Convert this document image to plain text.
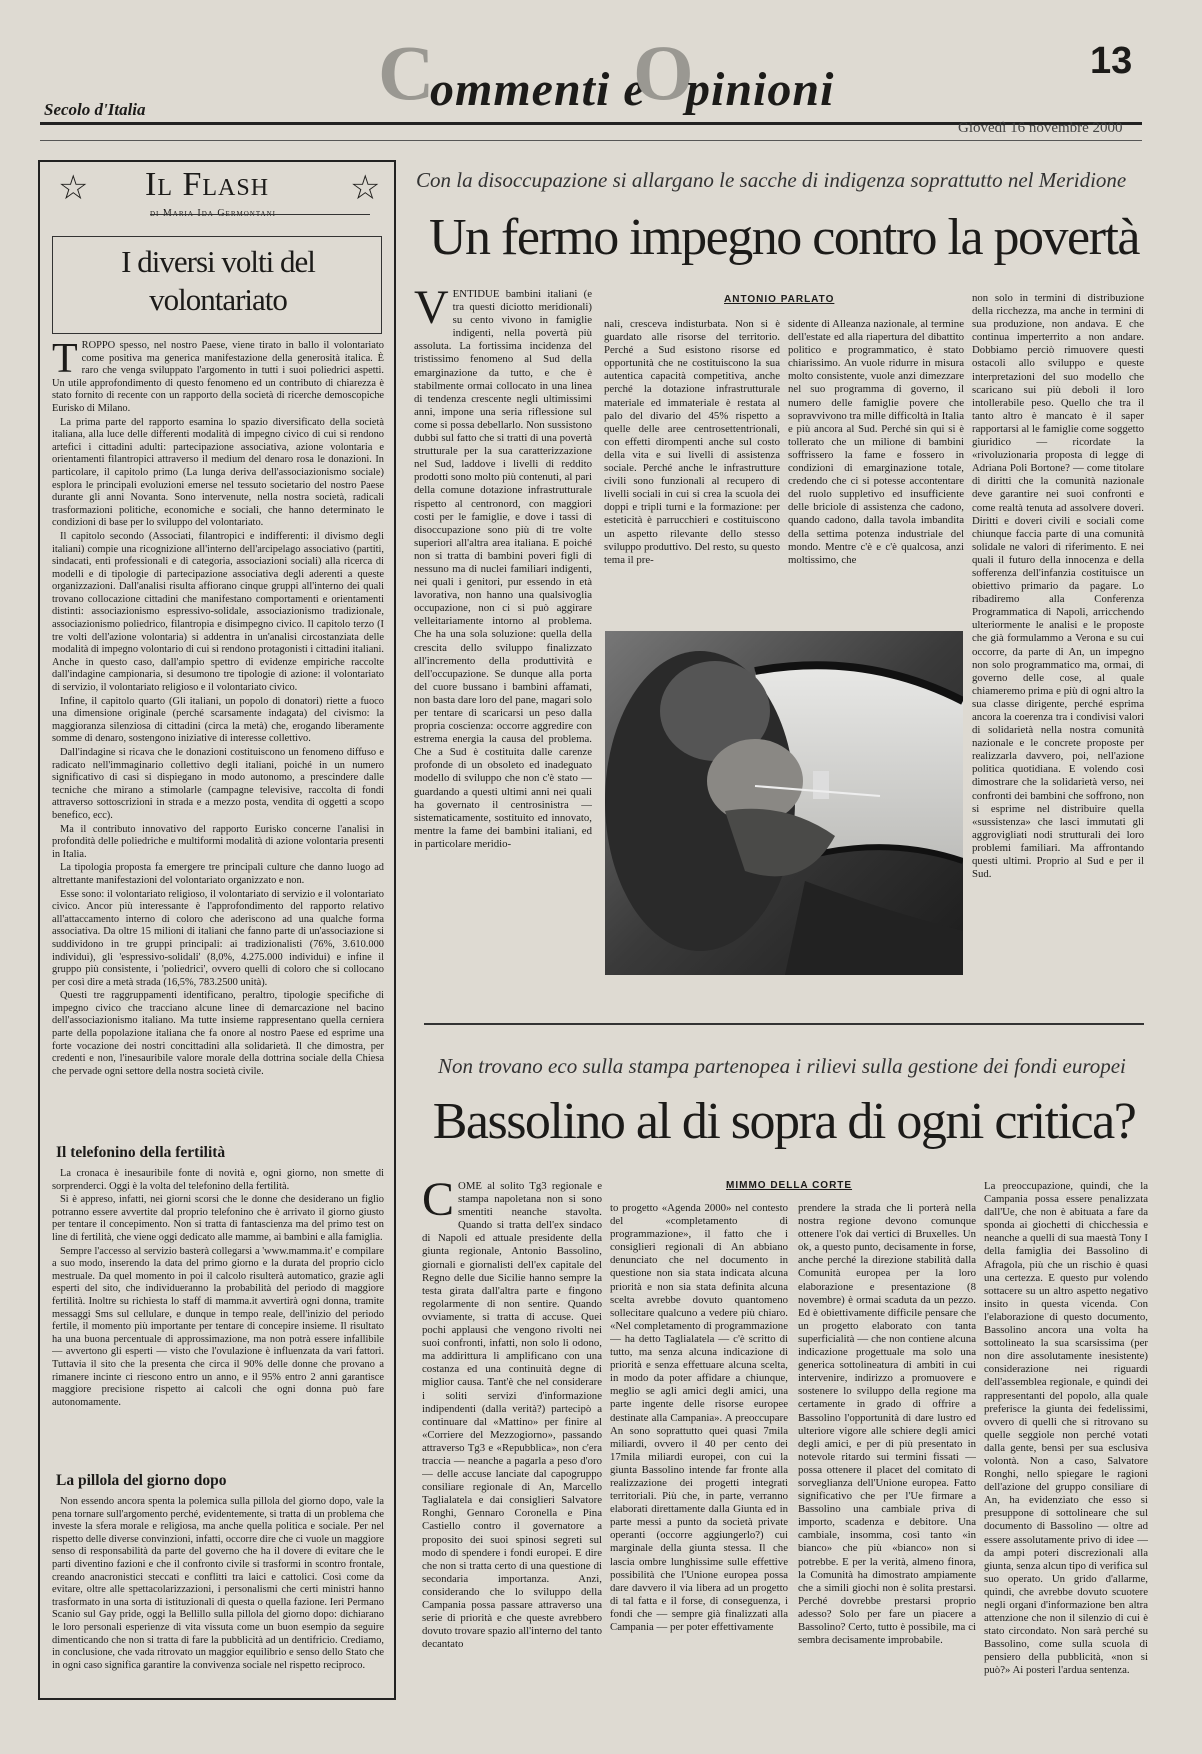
Secolo d'Italia	C
ommenti e
O
pinioni
13
Giovedì 16 novembre 2000
☆ Il Flash ☆
I diversi volti del volontariato

TROPPO spesso, nel nostro Paese, viene tirato in ballo il volontariato come positiva ma generica manifestazione della generosità italica. È raro che venga sviluppato l'argomento in tutti i suoi poliedrici aspetti. Un utile approfondimento di questo fenomeno ed un contributo di chiarezza è stato fornito di recente con un rapporto della società di ricerche demoscopiche Eurisko di Milano.

La prima parte del rapporto esamina lo spazio diversificato della società italiana, alla luce delle differenti modalità di impegno civico di cui si rendono artefici i cittadini adulti: partecipazione associativa, azione volontaria e orientamenti filantropici attraverso il medium del denaro rosa le donazioni. In particolare, il capitolo primo (La lunga deriva dell'associazionismo sociale) esplora le principali evoluzioni emerse nel tessuto societario del nostro Paese durante gli anni Novanta. Sono intervenute, nella nostra società, radicali trasformazioni politiche, economiche e sociali, che hanno determinato le condizioni di base per lo sviluppo del volontariato.

Il capitolo secondo (Associati, filantropici e indifferenti: il divismo degli italiani) compie una ricognizione all'interno dell'arcipelago associativo (partiti, sindacati, enti professionali e di categoria, associazioni sociali) alla ricerca di modelli e di tipologie di partecipazione associativa degli aderenti a queste organizzazioni. Dall'analisi risulta affiorano cinque gruppi all'interno dei quali trovano collocazione cittadini che manifestano comportamenti e orientamenti distinti: associazionismo espressivo-solidale, associazionismo tradizionale, associazionismo poliedrico, filantropia e disimpegno civico. Il capitolo terzo (I tre volti dell'azione volontaria) si addentra in un'analisi circostanziata delle modalità di impegno volontario di cui si rendono protagonisti i cittadini italiani. Anche in questo caso, dall'ampio spettro di evidenze empiriche raccolte dall'indagine campionaria, si desumono tre tipologie di azione: il volontariato di servizio, il volontariato religioso e il volontariato civico.

Infine, il capitolo quarto (Gli italiani, un popolo di donatori) riette a fuoco una dimensione originale (perché scarsamente indagata) del civismo: la maggioranza silenziosa di cittadini (circa la metà) che, erogando liberamente somme di denaro, sostengono iniziative di interesse collettivo.

Dall'indagine si ricava che le donazioni costituiscono un fenomeno diffuso e radicato nell'immaginario collettivo degli italiani, poiché in un numero significativo di casi si dispiegano in modo autonomo, a prescindere dalle tecniche che mirano a stimolarle (campagne televisive, raccolta di fondi attraverso sottoscrizioni in strada e a mezzo posta, vendita di oggetti a scopo benefico, ecc).

Ma il contributo innovativo del rapporto Eurisko concerne l'analisi in profondità delle poliedriche e multiformi modalità di azione volontaria presenti in Italia.

La tipologia proposta fa emergere tre principali culture che danno luogo ad altrettante manifestazioni del volontariato organizzato e non.

Esse sono: il volontariato religioso, il volontariato di servizio e il volontariato civico. Ancor più interessante è l'approfondimento del rapporto relativo all'attaccamento interno di coloro che aderiscono ad una qualche forma associativa. Da oltre 15 milioni di italiani che fanno parte di un'associazione si suddividono in tre gruppi principali: ai tradizionalisti (76%, 3.610.000 individui), gli 'espressivo-solidali' (8,0%, 4.275.000 individui) e infine il gruppo più consistente, i 'poliedrici', ovvero quelli di coloro che si collocano per così dire a metà strada (16,5%, 783.2500 unità).

Questi tre raggruppamenti identificano, peraltro, tipologie specifiche di impegno civico che tracciano alcune linee di demarcazione nel bacino dell'associazionismo italiano. Ma tutte insieme rappresentano quella cerniera parte della popolazione italiana che fa onore al nostro Paese ed esprime una forte vocazione dei nostri concittadini alla solidarietà. Il che dimostra, per credenti e non, l'inesauribile valore morale della dottrina sociale della Chiesa che pervade ogni settore della nostra società civile.

Il telefonino della fertilità

La cronaca è inesauribile fonte di novità e, ogni giorno, non smette di sorprenderci. Oggi è la volta del telefonino della fertilità.

Si è appreso, infatti, nei giorni scorsi che le donne che desiderano un figlio potranno essere avvertite dal proprio telefonino che è arrivato il giorno giusto per tentare il concepimento. Non si tratta di fantascienza ma del primo test on line di fertilità, che viene oggi dedicato alle mamme, ai bambini e alla famiglia.

Sempre l'accesso al servizio basterà collegarsi a 'www.mamma.it' e compilare a suo modo, inserendo la data del primo giorno e la durata del proprio ciclo mestruale. Da quel momento in poi il calcolo risulterà automatico, grazie agli esperti del sito, che individueranno la probabilità del periodo di maggiore fertilità. Inoltre su richiesta lo staff di mamma.it avvertirà ogni donna, tramite messaggi Sms sul cellulare, e dunque in tempo reale, dell'inizio del periodo fertile, il momento più importante per tentare di concepire insieme. Il risultato ha una buona percentuale di approssimazione, ma non potrà essere infallibile — avvertono gli esperti — visto che l'ovulazione è influenzata da vari fattori. Tuttavia il sito che la presenta che circa il 90% delle donne che provano a rimanere incinte ci riescono entro un anno, e il 95% entro 2 anni garantisce maggiore precisione rispetto ai calcoli che ogni donna può fare autonomamente.

La pillola del giorno dopo

Non essendo ancora spenta la polemica sulla pillola del giorno dopo, vale la pena tornare sull'argomento perché, evidentemente, si tratta di un problema che investe la sfera morale e religiosa, ma anche quella politica e sociale. Per nel rispetto delle diverse convinzioni, infatti, occorre dire che ci vuole un maggiore senso di responsabilità da parte del governo che ha il dovere di evitare che le parti diventino fazioni e che il confronto civile si trasformi in scontro frontale, creando anacronistici steccati e conflitti tra laici e cattolici. Così come da evitare, oltre alle spettacolarizzazioni, i personalismi che certi ministri hanno trasformato in una sorta di istituzionali di questa o quella fazione. Ieri Permano Scanio sul Gay pride, oggi la Bellillo sulla pillola del giorno dopo: dichiarano le loro personali esperienze di vita vissuta come un buon esempio da seguire dimenticando che non si tratta di fare la pubblicità ad un dentifricio. Crediamo, in conclusione, che vada ritrovato un maggior equilibrio e senso dello Stato che in ogni caso significa garantire la convivenza sociale nel rispetto reciproco.

Con la disoccupazione si allargano le sacche di indigenza soprattutto nel Meridione
Un fermo impegno contro la povertà
ANTONIO PARLATO

VENTIDUE bambini italiani (e tra questi diciotto meridionali) su cento vivono in famiglie indigenti, nella povertà più assoluta. La fortissima incidenza del tristissimo fenomeno al Sud della emarginazione da tutto, e che è stabilmente ormai collocato in una linea di tendenza crescente negli ultimissimi anni, impone una seria riflessione sul come si possa debellarlo. Non sussistono dubbi sul fatto che si tratti di una povertà strutturale per la sua caratterizzazione nel Sud, laddove i livelli di reddito prodotti sono molto più contenuti, al pari della comune dotazione infrastrutturale rispetto al centronord, con maggiori costi per le famiglie, e dove i tassi di disoccupazione sono più di tre volte superiori all'altra area italiana. E poiché non si tratta di bambini poveri figli di nessuno ma di nuclei familiari indigenti, nei quali i genitori, pur essendo in età lavorativa, non hanno una qualsivoglia occupazione, non ci si può aggirare velleitariamente intorno al problema. Che ha una sola soluzione: quella della crescita dello sviluppo finalizzato all'incremento della produttività e dell'occupazione. Se dunque alla porta del cuore bussano i bambini affamati, non basta dare loro del pane, magari solo per tentare di scaricarsi un peso dalla propria coscienza: occorre aggredire con estrema energia la causa del problema. Che a Sud è costituita dalle carenze profonde di un obsoleto ed inadeguato modello di sviluppo che non c'è stato — guardando a questi ultimi anni nei quali ha governato il centrosinistra — sistematicamente, sostituito ed innovato, mentre la fame dei bambini italiani, ed in particolare meridio-

nali, cresceva indisturbata. Non si è guardato alle risorse del territorio. Perché a Sud esistono risorse ed opportunità che ne costituiscono la sua autentica capacità competitiva, anche perché la dotazione infrastrutturale materiale ed immateriale è restata al palo del divario del 45% rispetto a quelle delle aree centrosettentrionali, con effetti dirompenti anche sul costo della vita e sui livelli di assistenza sociale. Perché anche le infrastrutture civili sono funzionali al recupero di livelli sociali in cui si crea la scuola dei doppi e tripli turni e la formazione: per esteticità è parrucchieri e costituiscono un aspetto rilevante dello stesso sviluppo produttivo. Del resto, su questo tema il pre-

sidente di Alleanza nazionale, al termine dell'estate ed alla riapertura del dibattito politico e programmatico, è stato chiarissimo. An vuole ridurre in misura molto consistente, vuole anzi dimezzare nel suo programma di governo, il numero delle famiglie povere che sopravvivono tra mille difficoltà in Italia e più ancora al Sud. Perché sin qui si è tollerato che un milione di bambini soffrissero la fame e fossero in condizioni di emarginazione totale, credendo che ci si potesse accontentare del ruolo suppletivo ed insufficiente delle briciole di assistenza che cadono, quando cadono, dalla tavola imbandita della settima potenza industriale del mondo. Mentre c'è e c'è qualcosa, anzi moltissimo, che

non solo in termini di distribuzione della ricchezza, ma anche in termini di sua produzione, non andava. E che continua imperterrito a non andare. Dobbiamo perciò rimuovere questi ostacoli allo sviluppo e queste interpretazioni del suo modello che scaricano sui più deboli il loro intollerabile peso. Quello che tra il tanto altro è mancato è il saper rapportarsi al le famiglie come soggetto giuridico — ricordate la «rivoluzionaria proposta di legge di Adriana Poli Bortone? — come titolare di diritti che la comunità nazionale deve garantire nei suoi confronti e come realtà tenuta ad assolvere doveri. Diritti e doveri civili e sociali come chiunque faccia parte di una comunità solidale ne valori di riferimento. E nei quali il futuro della innocenza e della sofferenza dell'infanzia costituisce un obiettivo primario da pagare. Lo ribadiremo alla Conferenza Programmatica di Napoli, arricchendo ulteriormente le analisi e le proposte che già formulammo a Verona e su cui occorre, da parte di An, un impegno non solo programmatico ma, ormai, di governo delle cose, al quale chiameremo prima e più di ogni altro la sua classe dirigente, perché esprima ancora la coerenza tra i condivisi valori di solidarietà nella nostra comunità nazionale e le concrete proposte per realizzarla davvero, poi, nell'azione politica quotidiana. E volendo così dimostrare che la solidarietà verso, nei confronti dei bambini che soffrono, non si esprime nel distribuire quella «sussistenza» che lasci immutati gli aggrovigliati nodi strutturali dei loro problemi familiari. Ma affrontando questi ultimi. Proprio al Sud e per il Sud.

Non trovano eco sulla stampa partenopea i rilievi sulla gestione dei fondi europei
Bassolino al di sopra di ogni critica?
MIMMO DELLA CORTE

COME al solito Tg3 regionale e stampa napoletana non si sono smentiti neanche stavolta. Quando si tratta dell'ex sindaco di Napoli ed attuale presidente della giunta regionale, Antonio Bassolino, giornali e giornalisti dell'ex capitale del Regno delle due Sicilie hanno sempre la testa girata dall'altra parte e fingono regolarmente di non sentire. Quando ovviamente, si tratta di accuse. Quei pochi applausi che vengono rivolti nei suoi confronti, infatti, non solo li odono, ma addirittura li amplificano con una costanza ed una continuità degne di miglior causa. Tant'è che nel considerare i soliti servizi d'informazione indipendenti (dalla verità?) partecipò a continuare dal «Mattino» per finire al «Corriere del Mezzogiorno», passando attraverso Tg3 e «Repubblica», non c'era traccia — neanche a pagarla a peso d'oro — delle accuse lanciate dal capogruppo consiliare regionale di An, Marcello Taglialatela e dai consiglieri Salvatore Ronghi, Gennaro Coronella e Pina Castiello contro il governatore a proposito dei suoi spinosi segreti sul modo di spendere i fondi europei. E dire che non si tratta certo di una questione di secondaria importanza. Anzi, considerando che lo sviluppo della Campania possa passare attraverso una serie di priorità e che queste avrebbero dovuto trovare spazio all'interno del tanto decantato

to progetto «Agenda 2000» nel contesto del «completamento di programmazione», il fatto che i consiglieri regionali di An abbiano denunciato che nel documento in questione non sia stata indicata alcuna priorità e non sia stata definita alcuna scelta avrebbe dovuto quantomeno sollecitare qualcuno a vedere più chiaro. «Nel completamento di programmazione — ha detto Taglialatela — c'è scritto di tutto, ma senza alcuna indicazione di priorità e senza effettuare alcuna scelta, in modo da poter affidare a chiunque, meglio se agli amici degli amici, una parte ingente delle risorse europee destinate alla Campania». A preoccupare An sono soprattutto quei quasi 7mila miliardi, ovvero il 40 per cento dei 17mila miliardi europei, con cui la giunta Bassolino intende far fronte alla realizzazione dei progetti integrati territoriali. Più che, in parte, verranno elaborati direttamente dalla Giunta ed in parte messi a punto da società private operanti (occorre aggiungerlo?) cui marginale della giunta stessa. Il che lascia ombre lunghissime sulle effettive possibilità che l'Unione europea possa dare davvero il via libera ad un progetto di tal fatta e il forse, di conseguenza, i fondi che — sempre già finalizzati alla Campania — per poter effettivamente

prendere la strada che li porterà nella nostra regione devono comunque ottenere l'ok dai vertici di Bruxelles. Un ok, a questo punto, decisamente in forse, anche perché la direzione stabilità dalla Comunità europea per la loro elaborazione e presentazione (8 novembre) è ormai scaduta da un pezzo. Ed è obiettivamente difficile pensare che un progetto elaborato con tanta superficialità — che non contiene alcuna indicazione progettuale ma solo una generica sottolineatura di ambiti in cui intervenire, indirizzo a promuovere e sostenere lo sviluppo della regione ma certamente in grado di offrire a Bassolino l'opportunità di dare lustro ed ulteriore vigore alle schiere degli amici degli amici, e per di più presentato in notevole ritardo sui termini fissati — possa ottenere il placet del comitato di sorveglianza dell'Unione europea. Fatto significativo che per l'Ue firmare a Bassolino una cambiale priva di importo, scadenza e debitore. Una cambiale, insomma, così tanto «in bianco» che più «bianco» non si potrebbe. E per la verità, almeno finora, la Comunità ha dimostrato ampiamente che a simili giochi non è solita prestarsi. Perché dovrebbe prestarsi proprio adesso? Solo per fare un piacere a Bassolino? Certo, tutto è possibile, ma ci sembra decisamente improbabile.

La preoccupazione, quindi, che la Campania possa essere penalizzata dall'Ue, che non è abituata a fare da sponda ai giochetti di chicchessia e neanche a quelli di sua maestà Tony I della famiglia dei Bassolino di Afragola, più che un rischio è quasi una certezza. E questo pur volendo sottacere su un altro aspetto negativo insito in questa vicenda. Con l'elaborazione di questo documento, Bassolino ancora una volta ha sottolineato la sua scarsissima (per non dire assolutamente inesistente) considerazione nei riguardi dell'assemblea regionale, e quindi dei rappresentanti del popolo, alla quale preferisce la giunta dei fedelissimi, ovvero di quelli che si ritrovano su quelle seggiole non perché votati dalla gente, bensì per sua esclusiva volontà. Non a caso, Salvatore Ronghi, nello spiegare le ragioni dell'azione del gruppo consiliare di An, ha evidenziato che esso si presuppone di sottolineare che sul documento di Bassolino — oltre ad essere assolutamente privo di idee — da ampi poteri discrezionali alla giunta, senza alcun tipo di verifica sul suo operato. Un grido d'allarme, quindi, che avrebbe dovuto scuotere negli organi d'informazione ben altra attenzione che non il silenzio di cui è stato circondato. Non sarà perché su Bassolino, come sulla scuola di pensiero della pubblicità, «non si può?» Ai posteri l'ardua sentenza.
